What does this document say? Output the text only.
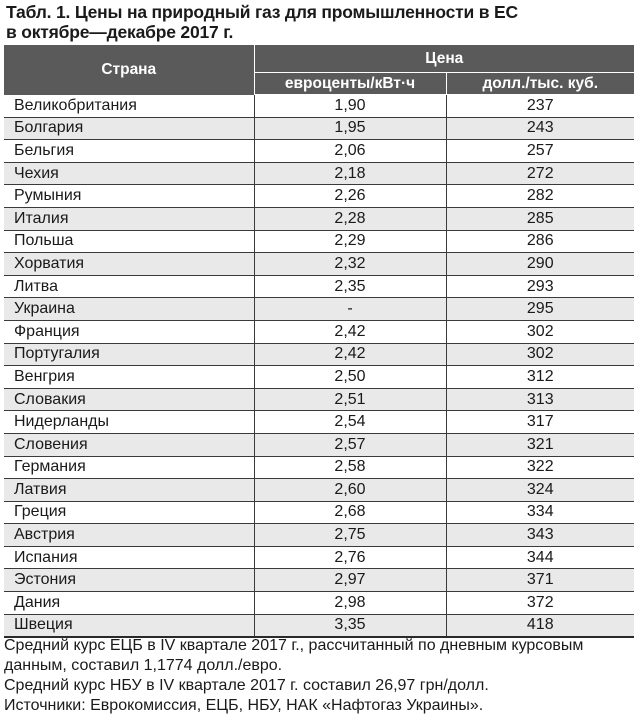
Табл. 1. Цены на природный газ для промышленности в ЕС
в октябре—декабре 2017 г.
Страна	Цена	
	евроценты/кВт·ч	долл./тыс. куб.
Великобритания	1,90	237
Болгария	1,95	243
Бельгия	2,06	257
Чехия	2,18	272
Румыния	2,26	282
Италия	2,28	285
Польша	2,29	286
Хорватия	2,32	290
Литва	2,35	293
Украина	-	295
Франция	2,42	302
Португалия	2,42	302
Венгрия	2,50	312
Словакия	2,51	313
Нидерланды	2,54	317
Словения	2,57	321
Германия	2,58	322
Латвия	2,60	324
Греция	2,68	334
Австрия	2,75	343
Испания	2,76	344
Эстония	2,97	371
Дания	2,98	372
Швеция	3,35	418

Средний курс ЕЦБ в IV квартале 2017 г., рассчитанный по дневным курсовым данным, составил 1,1774 долл./евро.

Средний курс НБУ в IV квартале 2017 г. составил 26,97 грн/долл.

Источники: Еврокомиссия, ЕЦБ, НБУ, НАК «Нафтогаз Украины».
